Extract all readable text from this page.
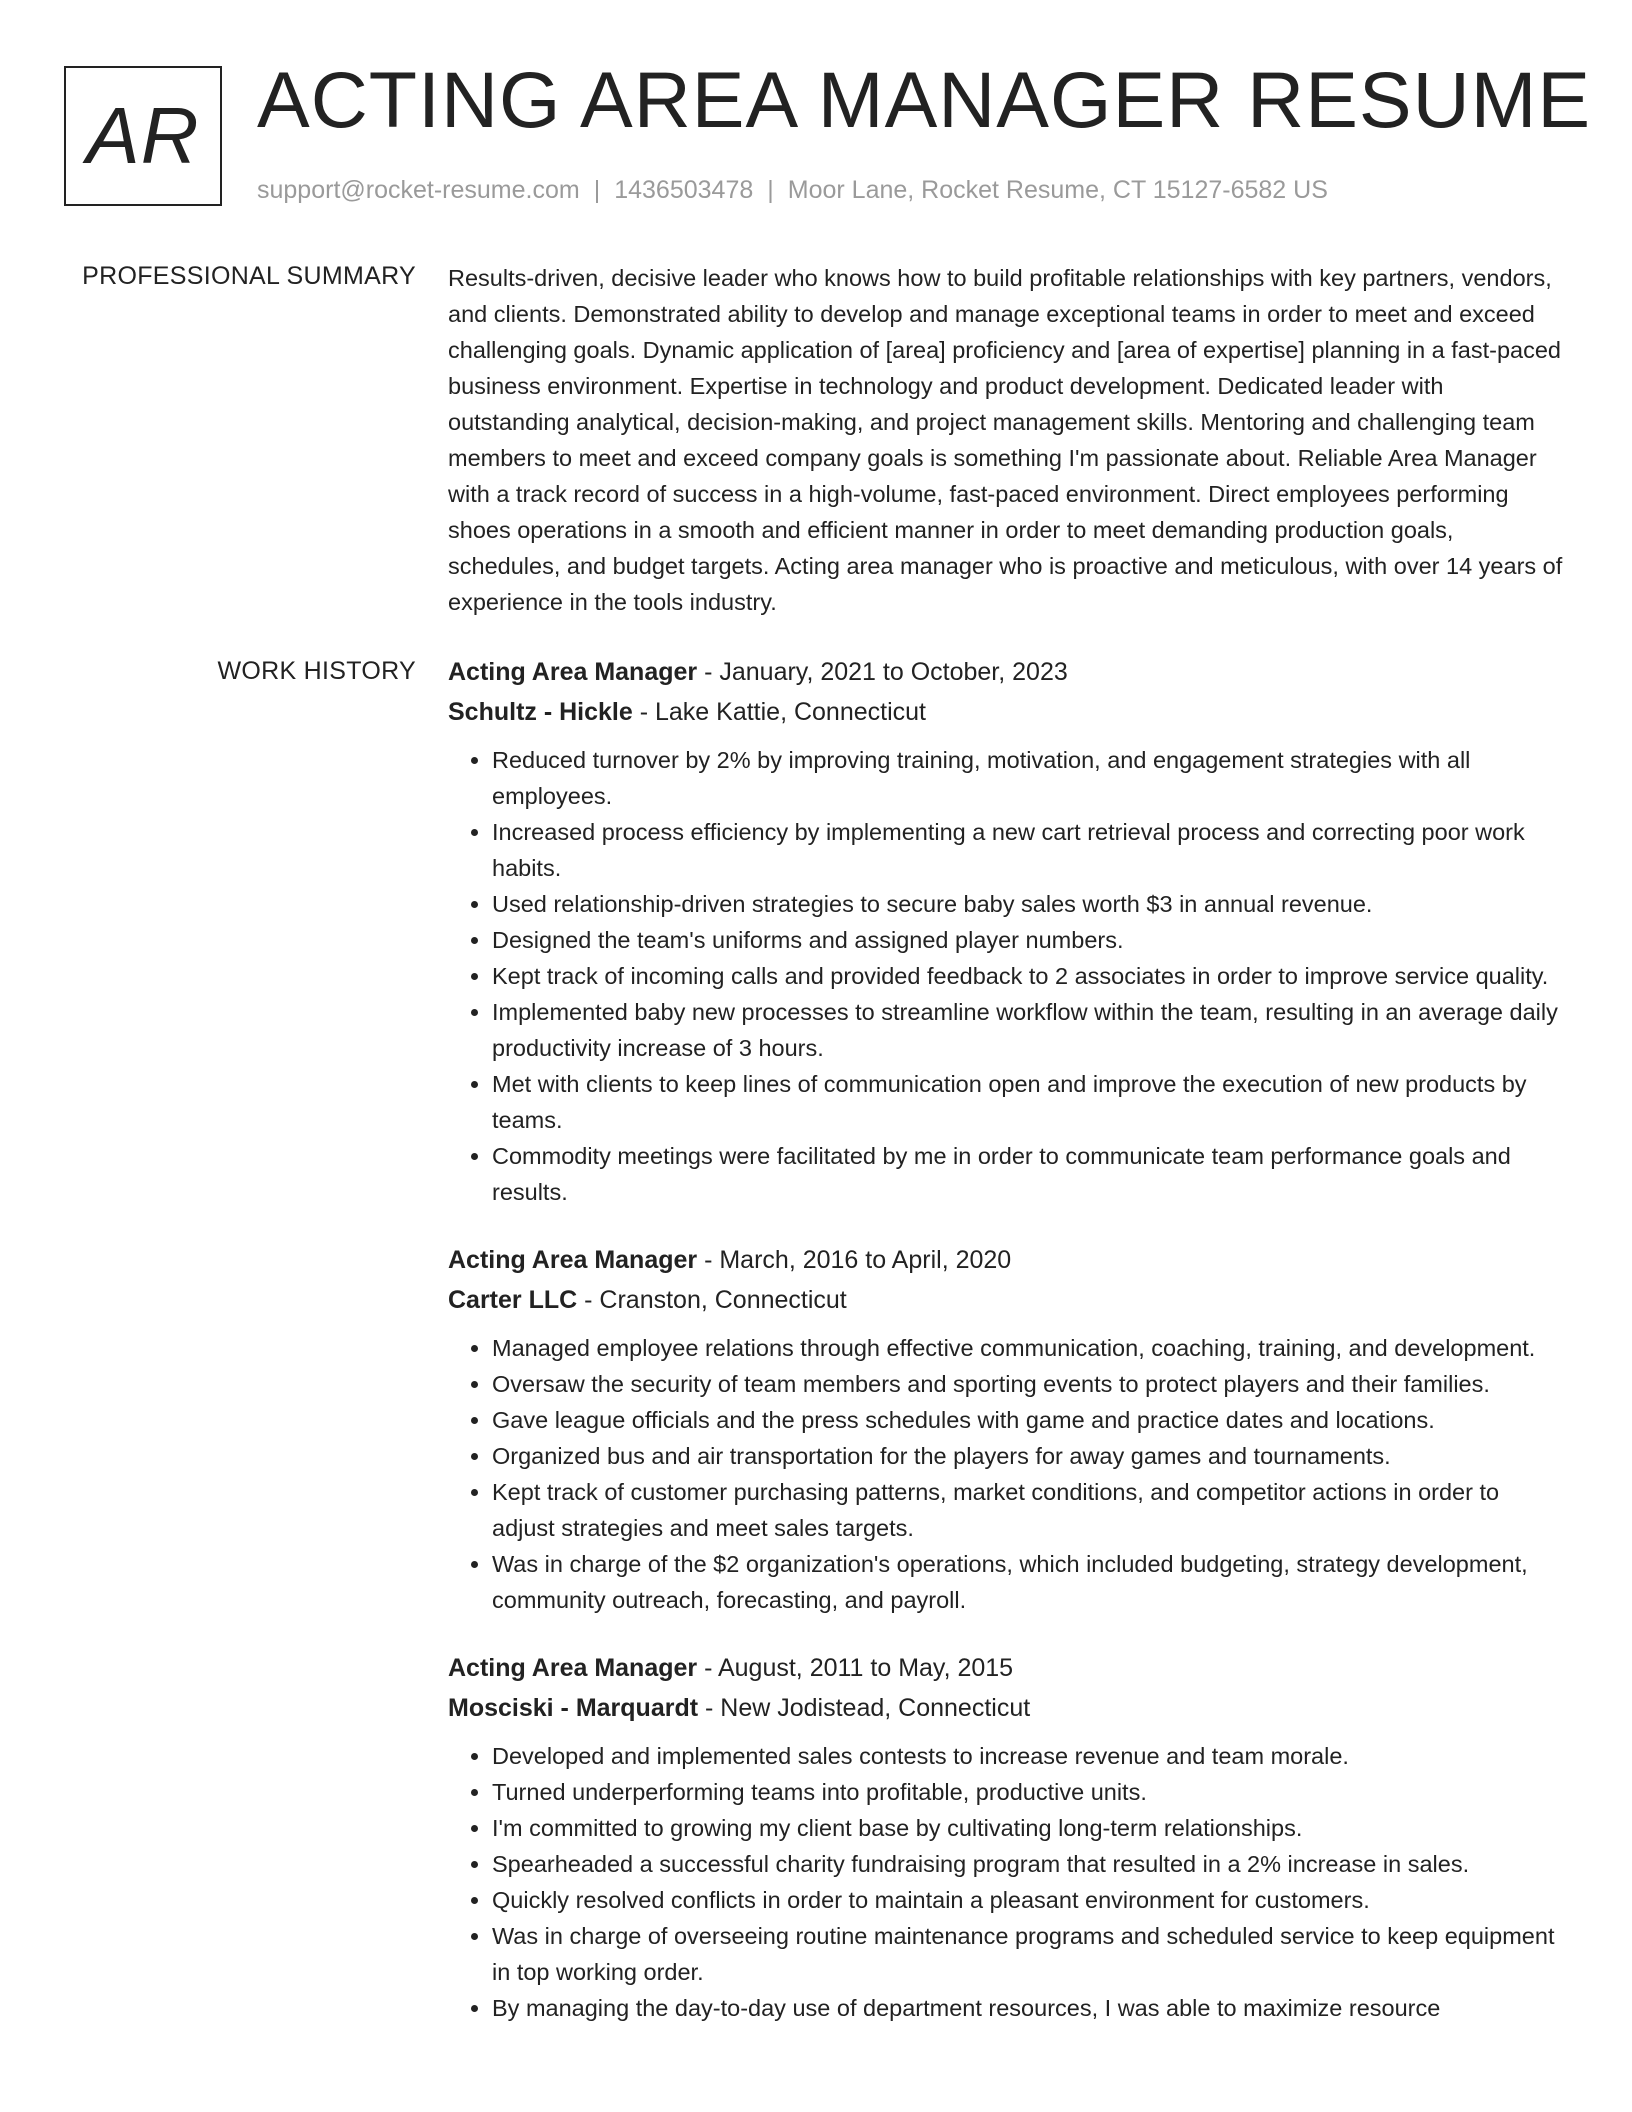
AR ACTING AREA MANAGER RESUME
support@rocket-resume.com | 1436503478 | Moor Lane, Rocket Resume, CT 15127-6582 US
PROFESSIONAL SUMMARY Results-driven, decisive leader who knows how to build profitable relationships with key partners, vendors, and clients. Demonstrated ability to develop and manage exceptional teams in order to meet and exceed challenging goals. Dynamic application of [area] proficiency and [area of expertise] planning in a fast-paced business environment. Expertise in technology and product development. Dedicated leader with outstanding analytical, decision-making, and project management skills. Mentoring and challenging team members to meet and exceed company goals is something I'm passionate about. Reliable Area Manager with a track record of success in a high-volume, fast-paced environment. Direct employees performing shoes operations in a smooth and efficient manner in order to meet demanding production goals, schedules, and budget targets. Acting area manager who is proactive and meticulous, with over 14 years of experience in the tools industry.

WORK HISTORY Acting Area Manager - January, 2021 to October, 2023
Schultz - Hickle - Lake Kattie, Connecticut
• Reduced turnover by 2% by improving training, motivation, and engagement strategies with all employees.
• Increased process efficiency by implementing a new cart retrieval process and correcting poor work habits.
• Used relationship-driven strategies to secure baby sales worth $3 in annual revenue.
• Designed the team's uniforms and assigned player numbers.
• Kept track of incoming calls and provided feedback to 2 associates in order to improve service quality.
• Implemented baby new processes to streamline workflow within the team, resulting in an average daily productivity increase of 3 hours.
• Met with clients to keep lines of communication open and improve the execution of new products by teams.
• Commodity meetings were facilitated by me in order to communicate team performance goals and results.
Acting Area Manager - March, 2016 to April, 2020
Carter LLC - Cranston, Connecticut
• Managed employee relations through effective communication, coaching, training, and development.
• Oversaw the security of team members and sporting events to protect players and their families.
• Gave league officials and the press schedules with game and practice dates and locations.
• Organized bus and air transportation for the players for away games and tournaments.
• Kept track of customer purchasing patterns, market conditions, and competitor actions in order to adjust strategies and meet sales targets.
• Was in charge of the $2 organization's operations, which included budgeting, strategy development, community outreach, forecasting, and payroll.
Acting Area Manager - August, 2011 to May, 2015
Mosciski - Marquardt - New Jodistead, Connecticut
• Developed and implemented sales contests to increase revenue and team morale.
• Turned underperforming teams into profitable, productive units.
• I'm committed to growing my client base by cultivating long-term relationships.
• Spearheaded a successful charity fundraising program that resulted in a 2% increase in sales.
• Quickly resolved conflicts in order to maintain a pleasant environment for customers.
• Was in charge of overseeing routine maintenance programs and scheduled service to keep equipment in top working order.
• By managing the day-to-day use of department resources, I was able to maximize resource
